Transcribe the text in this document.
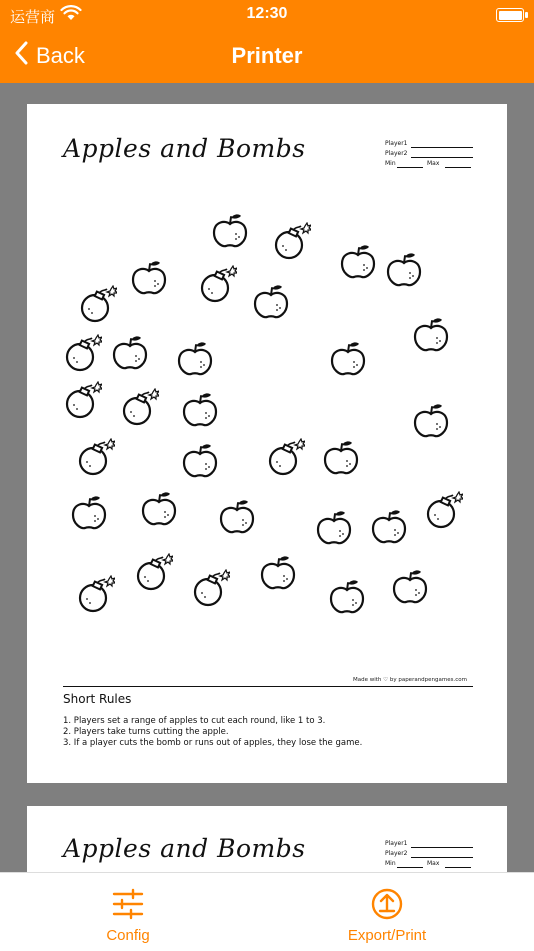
运营商	12:30
Back	Printer
Apples and Bombs	Player1
Player2
Min	Max
Made with ♡ by paperandpengames.com
Short Rules
1. Players set a range of apples to cut each round, like 1 to 3.
2. Players take turns cutting the apple.
3. If a player cuts the bomb or runs out of apples, they lose the game.
Apples and Bombs	Player1
Player2
Min	Max
Config	Export/Print
